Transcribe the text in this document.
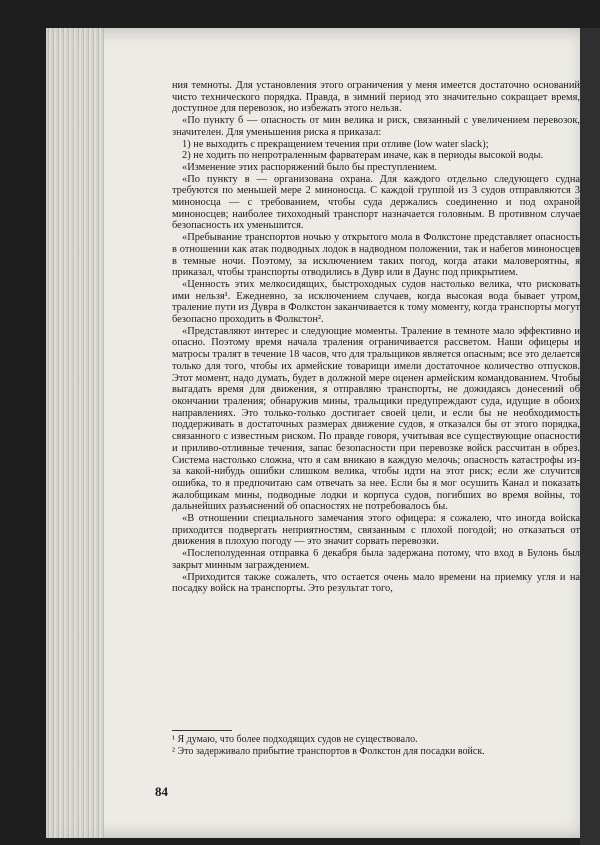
ния темноты. Для установления этого ограничения у меня имеется достаточно оснований чисто технического порядка. Правда, в зимний период это значительно сокращает время, доступное для перевозок, но избежать этого нельзя.

«По пункту б — опасность от мин велика и риск, связанный с увеличением перевозок, значителен. Для уменьшения риска я приказал:

1) не выходить с прекращением течения при отливе (low water slack);

2) не ходить по непротраленным фарватерам иначе, как в периоды высокой воды.

«Изменение этих распоряжений было бы преступлением.

«По пункту в — организована охрана. Для каждого отдельно следующего судна требуются по меньшей мере 2 миноносца. С каждой группой из 3 судов отправляются 3 миноносца — с требованием, чтобы суда держались соединенно и под охраной миноносцев; наиболее тихоходный транспорт назначается головным. В противном случае безопасность их уменьшится.

«Пребывание транспортов ночью у открытого мола в Фолкстоне представляет опасность в отношении как атак подводных лодок в надводном положении, так и набегов миноносцев в темные ночи. Поэтому, за исключением таких погод, когда атаки маловероятны, я приказал, чтобы транспорты отводились в Дувр или в Даунс под прикрытием.

«Ценность этих мелкосидящих, быстроходных судов настолько велика, что рисковать ими нельзя¹. Ежедневно, за исключением случаев, когда высокая вода бывает утром, траление пути из Дувра в Фолкстон заканчивается к тому моменту, когда транспорты могут безопасно проходить в Фолкстон².

«Представляют интерес и следующие моменты. Траление в темноте мало эффективно и опасно. Поэтому время начала траления ограничивается рассветом. Наши офицеры и матросы тралят в течение 18 часов, что для тральщиков является опасным; все это делается только для того, чтобы их армейские товарищи имели достаточное количество отпусков. Этот момент, надо думать, будет в должной мере оценен армейским командованием. Чтобы выгадать время для движения, я отправляю транспорты, не дожидаясь донесений об окончании траления; обнаружив мины, тральщики предупреждают суда, идущие в обоих направлениях. Это только-только достигает своей цели, и если бы не необходимость поддерживать в достаточных размерах движение судов, я отказался бы от этого порядка, связанного с известным риском. По правде говоря, учитывая все существующие опасности и приливо-отливные течения, запас безопасности при перевозке войск рассчитан в обрез. Система настолько сложна, что я сам вникаю в каждую мелочь; опасность катастрофы из-за какой-нибудь ошибки слишком велика, чтобы идти на этот риск; если же случится ошибка, то я предпочитаю сам отвечать за нее. Если бы я мог осушить Канал и показать жалобщикам мины, подводные лодки и корпуса судов, погибших во время войны, то дальнейших разъяснений об опасностях не потребовалось бы.

«В отношении специального замечания этого офицера: я сожалею, что иногда войска приходится подвергать неприятностям, связанным с плохой погодой; но отказаться от движения в плохую погоду — это значит сорвать перевозки.

«Послеполуденная отправка 6 декабря была задержана потому, что вход в Булонь был закрыт минным заграждением.

«Приходится также сожалеть, что остается очень мало времени на приемку угля и на посадку войск на транспорты. Это результат того,

¹ Я думаю, что более подходящих судов не существовало.
² Это задерживало прибытие транспортов в Фолкстон для посадки войск.
84
